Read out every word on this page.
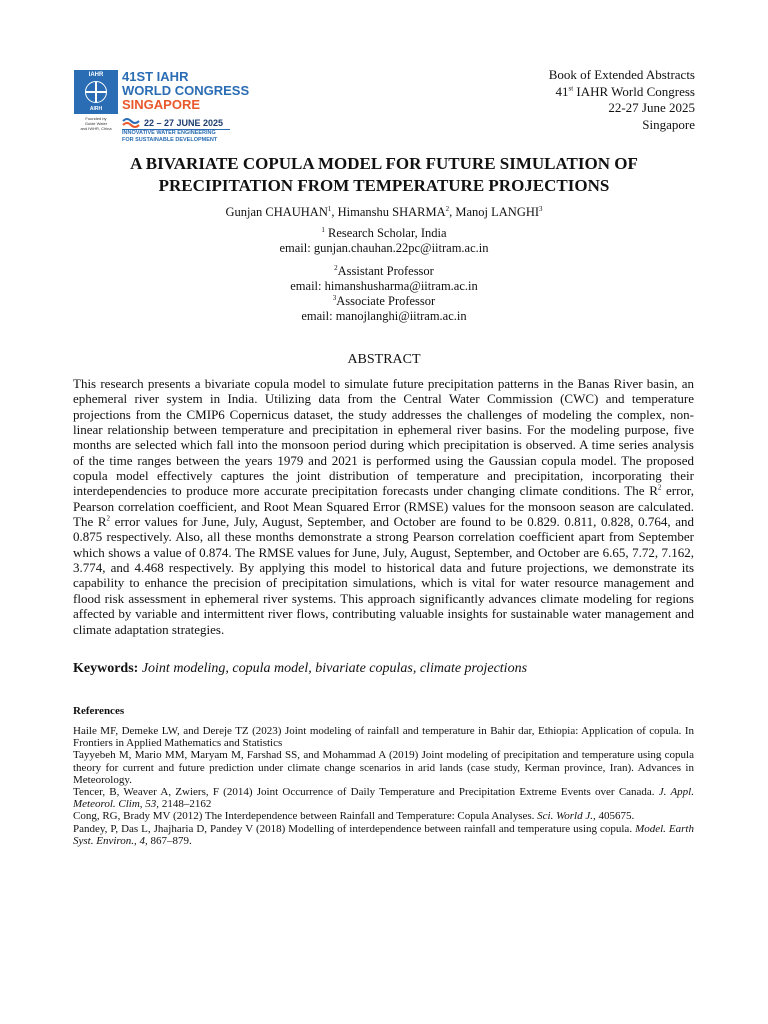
IAHR
AIRH
Founded by
Guide Water
and IWHR, China
41ST IAHR
WORLD CONGRESS
SINGAPORE
22 – 27 JUNE 2025
INNOVATIVE WATER ENGINEERING
FOR SUSTAINABLE DEVELOPMENT
Book of Extended Abstracts
41st IAHR World Congress
22-27 June 2025
Singapore
A BIVARIATE COPULA MODEL FOR FUTURE SIMULATION OF PRECIPITATION FROM TEMPERATURE PROJECTIONS
Gunjan CHAUHAN$^1$, Himanshu SHARMA$^2$, Manoj LANGHI$^3$
$^1$ Research Scholar, India
email: gunjan.chauhan.22pc@iitram.ac.in
$^2$Assistant Professor
email: himanshusharma@iitram.ac.in
$^3$Associate Professor
email: manojlanghi@iitram.ac.in
ABSTRACT

This research presents a bivariate copula model to simulate future precipitation patterns in the Banas River basin, an ephemeral river system in India. Utilizing data from the Central Water Commission (CWC) and temperature projections from the CMIP6 Copernicus dataset, the study addresses the challenges of modeling the complex, non-linear relationship between temperature and precipitation in ephemeral river basins. For the modeling purpose, five months are selected which fall into the monsoon period during which precipitation is observed. A time series analysis of the time ranges between the years 1979 and 2021 is performed using the Gaussian copula model. The proposed copula model effectively captures the joint distribution of temperature and precipitation, incorporating their interdependencies to produce more accurate precipitation forecasts under changing climate conditions. The $R^2$ error, Pearson correlation coefficient, and Root Mean Squared Error (RMSE) values for the monsoon season are calculated. The $R^2$ error values for June, July, August, September, and October are found to be 0.829. 0.811, 0.828, 0.764, and 0.875 respectively. Also, all these months demonstrate a strong Pearson correlation coefficient apart from September which shows a value of 0.874. The RMSE values for June, July, August, September, and October are 6.65, 7.72, 7.162, 3.774, and 4.468 respectively. By applying this model to historical data and future projections, we demonstrate its capability to enhance the precision of precipitation simulations, which is vital for water resource management and flood risk assessment in ephemeral river systems. This approach significantly advances climate modeling for regions affected by variable and intermittent river flows, contributing valuable insights for sustainable water management and climate adaptation strategies.

Keywords: Joint modeling, copula model, bivariate copulas, climate projections
References

Haile MF, Demeke LW, and Dereje TZ (2023) Joint modeling of rainfall and temperature in Bahir dar, Ethiopia: Application of copula. In Frontiers in Applied Mathematics and Statistics

Tayyebeh M, Mario MM, Maryam M, Farshad SS, and Mohammad A (2019) Joint modeling of precipitation and temperature using copula theory for current and future prediction under climate change scenarios in arid lands (case study, Kerman province, Iran). Advances in Meteorology.

Tencer, B, Weaver A, Zwiers, F (2014) Joint Occurrence of Daily Temperature and Precipitation Extreme Events over Canada. J. Appl. Meteorol. Clim, 53, 2148–2162

Cong, RG, Brady MV (2012) The Interdependence between Rainfall and Temperature: Copula Analyses. Sci. World J., 405675.

Pandey, P, Das L, Jhajharia D, Pandey V (2018) Modelling of interdependence between rainfall and temperature using copula. Model. Earth Syst. Environ., 4, 867–879.
